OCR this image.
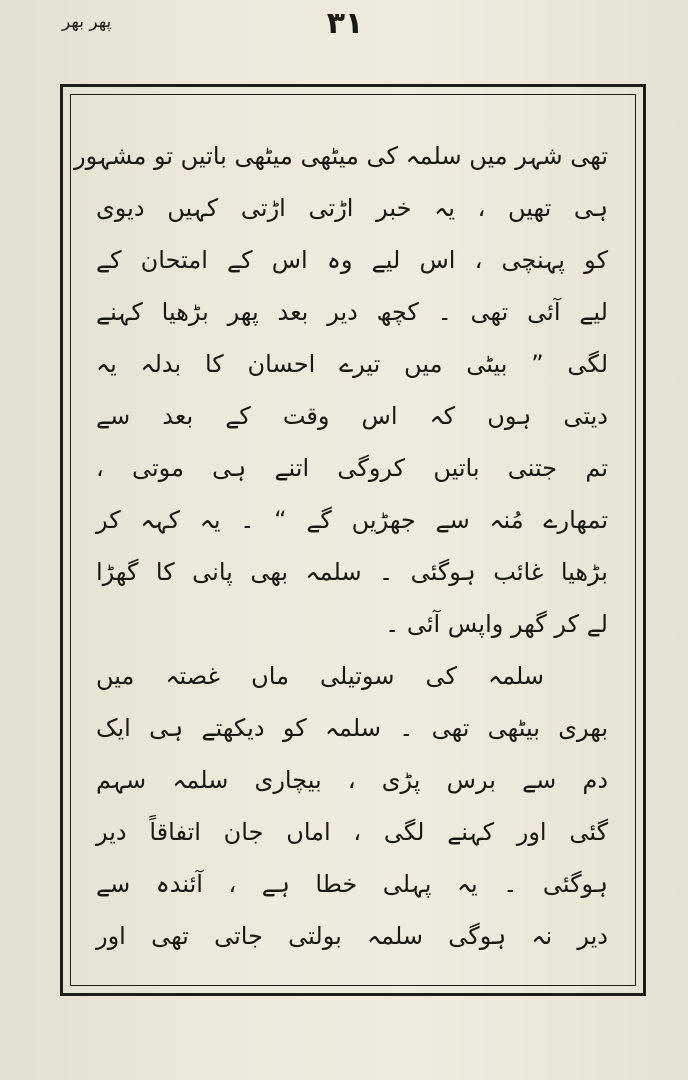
پھر بھر	۳۱
تھی شہر میں سلمہ کی میٹھی میٹھی باتیں تو مشہور
ہی تھیں ، یہ خبر اڑتی اڑتی کہیں دیوی
کو پہنچی ، اس لیے وہ اس کے امتحان کے
لیے آئی تھی ۔ کچھ دیر بعد پھر بڑھیا کہنے
لگی ” بیٹی میں تیرے احسان کا بدلہ یہ
دیتی ہوں کہ اس وقت کے بعد سے
تم جتنی باتیں کروگی اتنے ہی موتی ،
تمھارے مُنہ سے جھڑیں گے “ ۔ یہ کہہ کر
بڑھیا غائب ہوگئی ۔ سلمہ بھی پانی کا گھڑا
لے کر گھر واپس آئی ۔
سلمہ کی سوتیلی ماں غصتہ میں
بھری بیٹھی تھی ۔ سلمہ کو دیکھتے ہی ایک
دم سے برس پڑی ، بیچاری سلمہ سہم
گئی اور کہنے لگی ، اماں جان اتفاقاً دیر
ہوگئی ۔ یہ پہلی خطا ہے ، آئندہ سے
دیر نہ ہوگی سلمہ بولتی جاتی تھی اور
